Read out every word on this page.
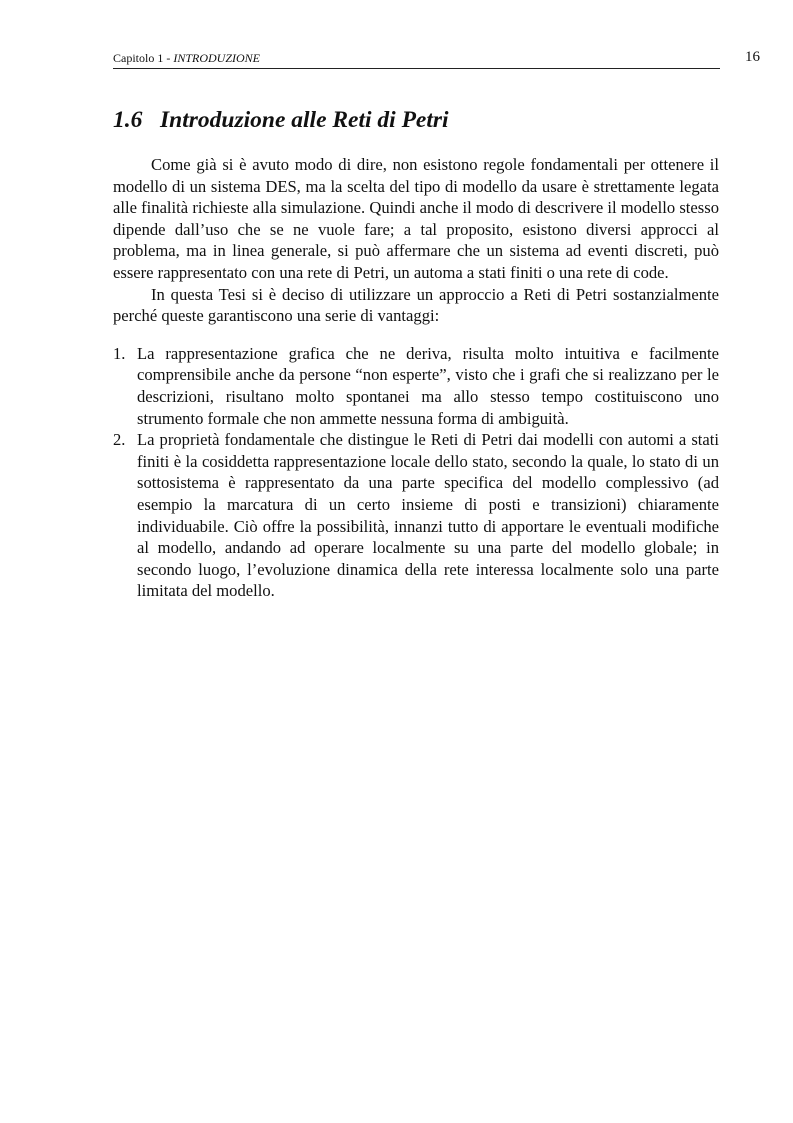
Capitolo 1 - INTRODUZIONE	16
1.6 Introduzione alle Reti di Petri

Come già si è avuto modo di dire, non esistono regole fondamentali per ottenere il modello di un sistema DES, ma la scelta del tipo di modello da usare è strettamente legata alle finalità richieste alla simulazione. Quindi anche il modo di descrivere il modello stesso dipende dall’uso che se ne vuole fare; a tal proposito, esistono diversi approcci al problema, ma in linea generale, si può affermare che un sistema ad eventi discreti, può essere rappresentato con una rete di Petri, un automa a stati finiti o una rete di code.

In questa Tesi si è deciso di utilizzare un approccio a Reti di Petri sostanzialmente perché queste garantiscono una serie di vantaggi:

1. La rappresentazione grafica che ne deriva, risulta molto intuitiva e facilmente comprensibile anche da persone “non esperte”, visto che i grafi che si realizzano per le descrizioni, risultano molto spontanei ma allo stesso tempo costituiscono uno strumento formale che non ammette nessuna forma di ambiguità.
2. La proprietà fondamentale che distingue le Reti di Petri dai modelli con automi a stati finiti è la cosiddetta rappresentazione locale dello stato, secondo la quale, lo stato di un sottosistema è rappresentato da una parte specifica del modello complessivo (ad esempio la marcatura di un certo insieme di posti e transizioni) chiaramente individuabile. Ciò offre la possibilità, innanzi tutto di apportare le eventuali modifiche al modello, andando ad operare localmente su una parte del modello globale; in secondo luogo, l’evoluzione dinamica della rete interessa localmente solo una parte limitata del modello.
